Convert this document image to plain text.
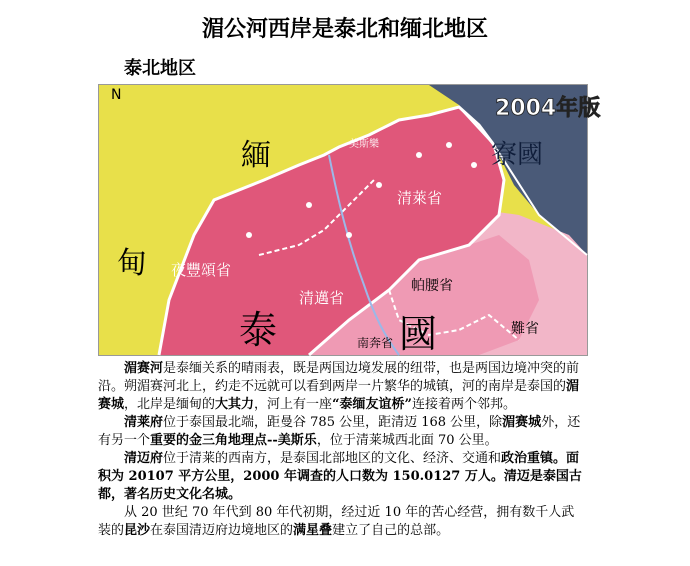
湄公河西岸是泰北和缅北地区
泰北地区
N
緬
甸
寮國
泰	國
清萊省
清邁省
夜豐頌省
帕腰省
難省
南奔省
美斯樂
2004年版

湄赛河是泰缅关系的晴雨表，既是两国边境发展的纽带，也是两国边境冲突的前沿。朔湄赛河北上，约走不远就可以看到两岸一片繁华的城镇，河的南岸是泰国的湄赛城，北岸是缅甸的大其力，河上有一座“泰缅友谊桥”连接着两个邻邦。

清莱府位于泰国最北端，距曼谷 785 公里，距清迈 168 公里，除湄赛城外，还有另一个重要的金三角地理点--美斯乐，位于清莱城西北面 70 公里。

清迈府位于清莱的西南方，是泰国北部地区的文化、经济、交通和政治重镇。面积为 20107 平方公里，2000 年调查的人口数为 150.0127 万人。清迈是泰国古都，著名历史文化名城。

从 20 世纪 70 年代到 80 年代初期，经过近 10 年的苦心经营，拥有数千人武装的昆沙在泰国清迈府边境地区的满星叠建立了自己的总部。
